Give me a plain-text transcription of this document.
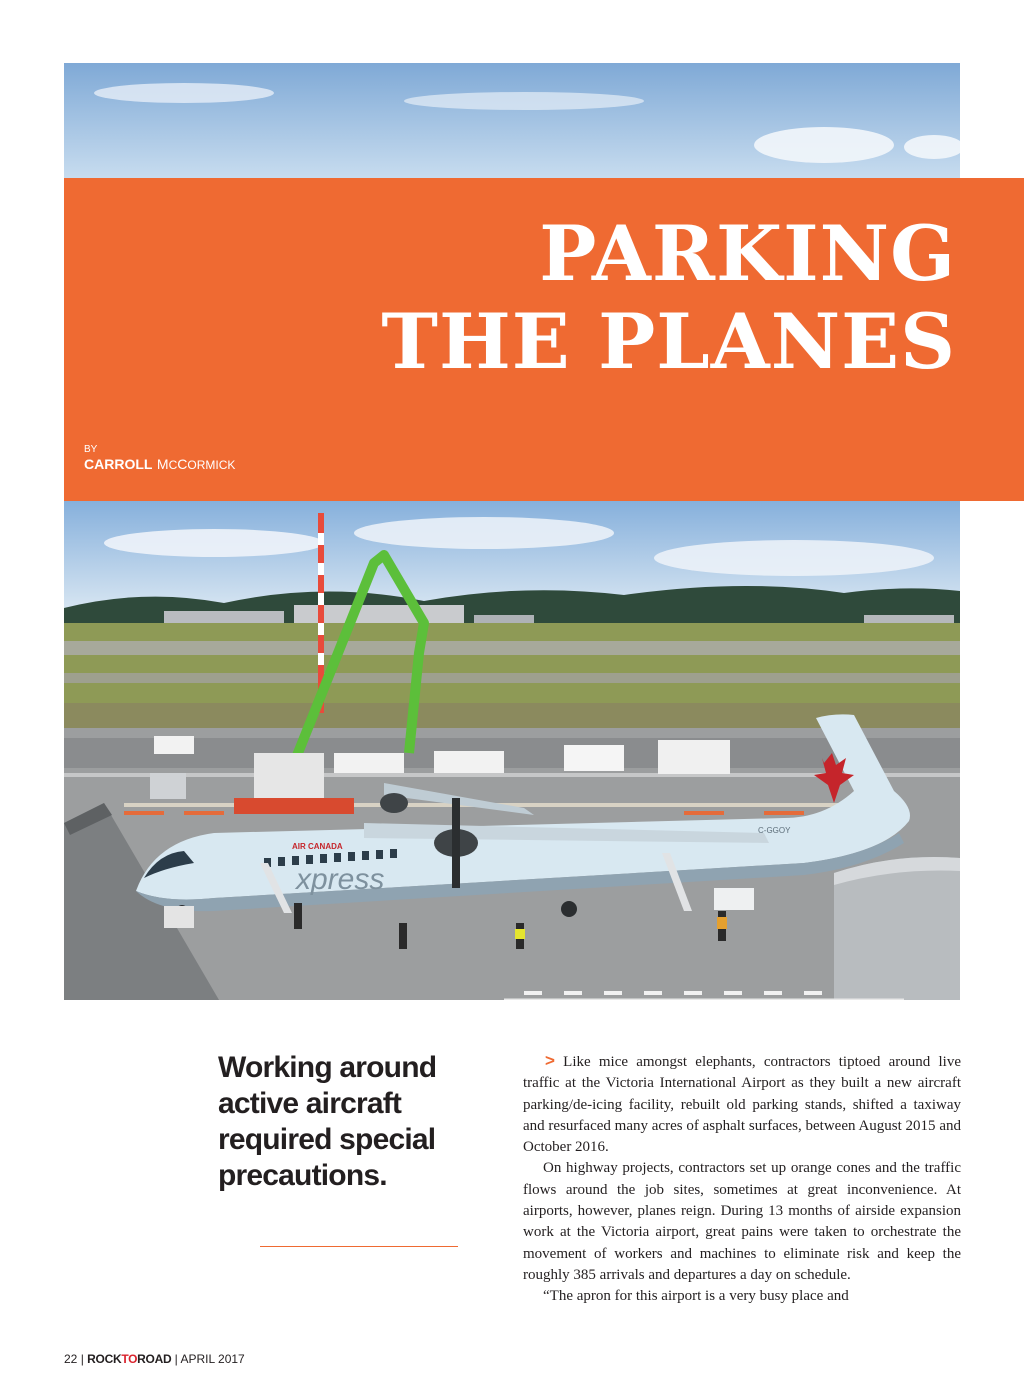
AIR CANADA
xpress
C-GGOY
PARKING
THE PLANES
BY
CARROLL MCCORMICK

Working around active aircraft required special precautions.

> Like mice amongst elephants, contractors tiptoed around live traffic at the Victoria International Airport as they built a new aircraft parking/de-icing facility, rebuilt old parking stands, shifted a taxiway and resurfaced many acres of asphalt surfaces, between August 2015 and October 2016.

On highway projects, contractors set up orange cones and the traffic flows around the job sites, sometimes at great inconvenience. At airports, however, planes reign. During 13 months of airside expansion work at the Victoria airport, great pains were taken to orchestrate the movement of workers and machines to eliminate risk and keep the roughly 385 arrivals and departures a day on schedule.

“The apron for this airport is a very busy place and

22 | ROCKTOROAD | APRIL 2017
